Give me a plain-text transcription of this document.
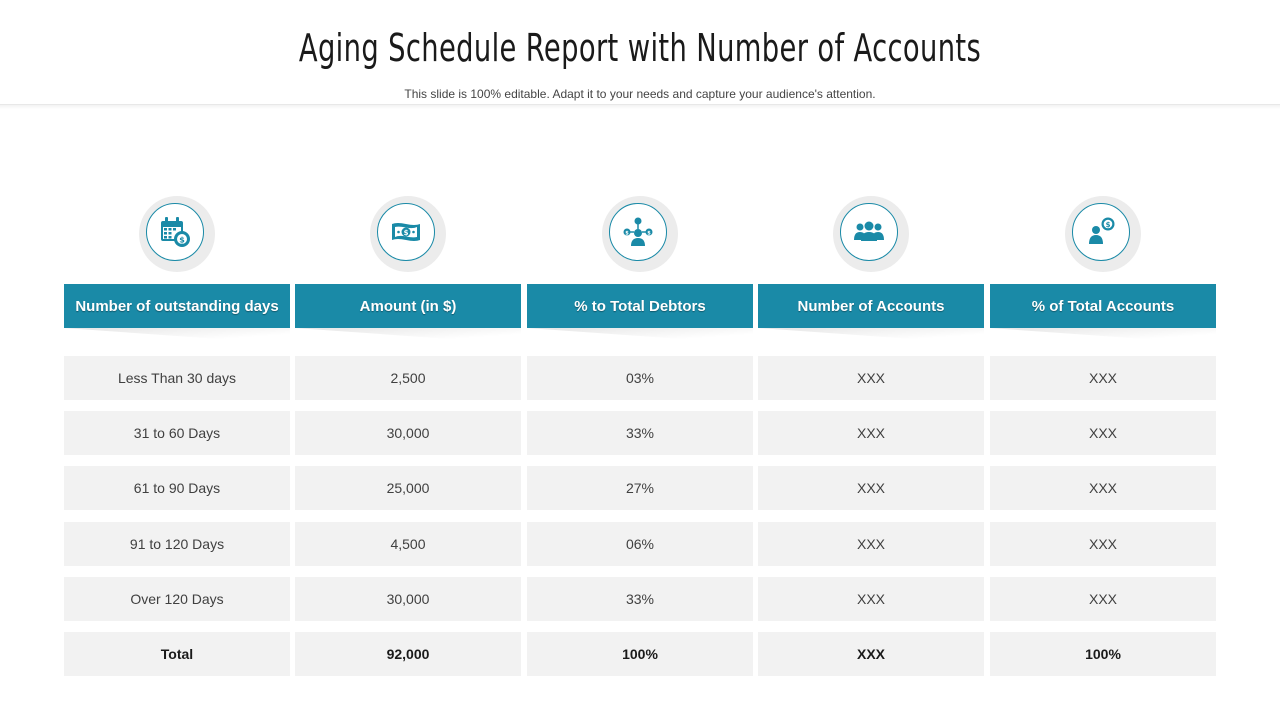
Aging Schedule Report with Number of Accounts
This slide is 100% editable. Adapt it to your needs and capture your audience's attention.
$
Number of outstanding days
Less Than 30 days
31 to 60 Days
61 to 90 Days
91 to 120 Days
Over 120 Days
Total
$
Amount (in $)
2,500
30,000
25,000
4,500
30,000
92,000
$	$
% to Total Debtors
03%
33%
27%
06%
33%
100%
Number of Accounts
XXX
XXX
XXX
XXX
XXX
XXX
$
% of Total Accounts
XXX
XXX
XXX
XXX
XXX
100%
